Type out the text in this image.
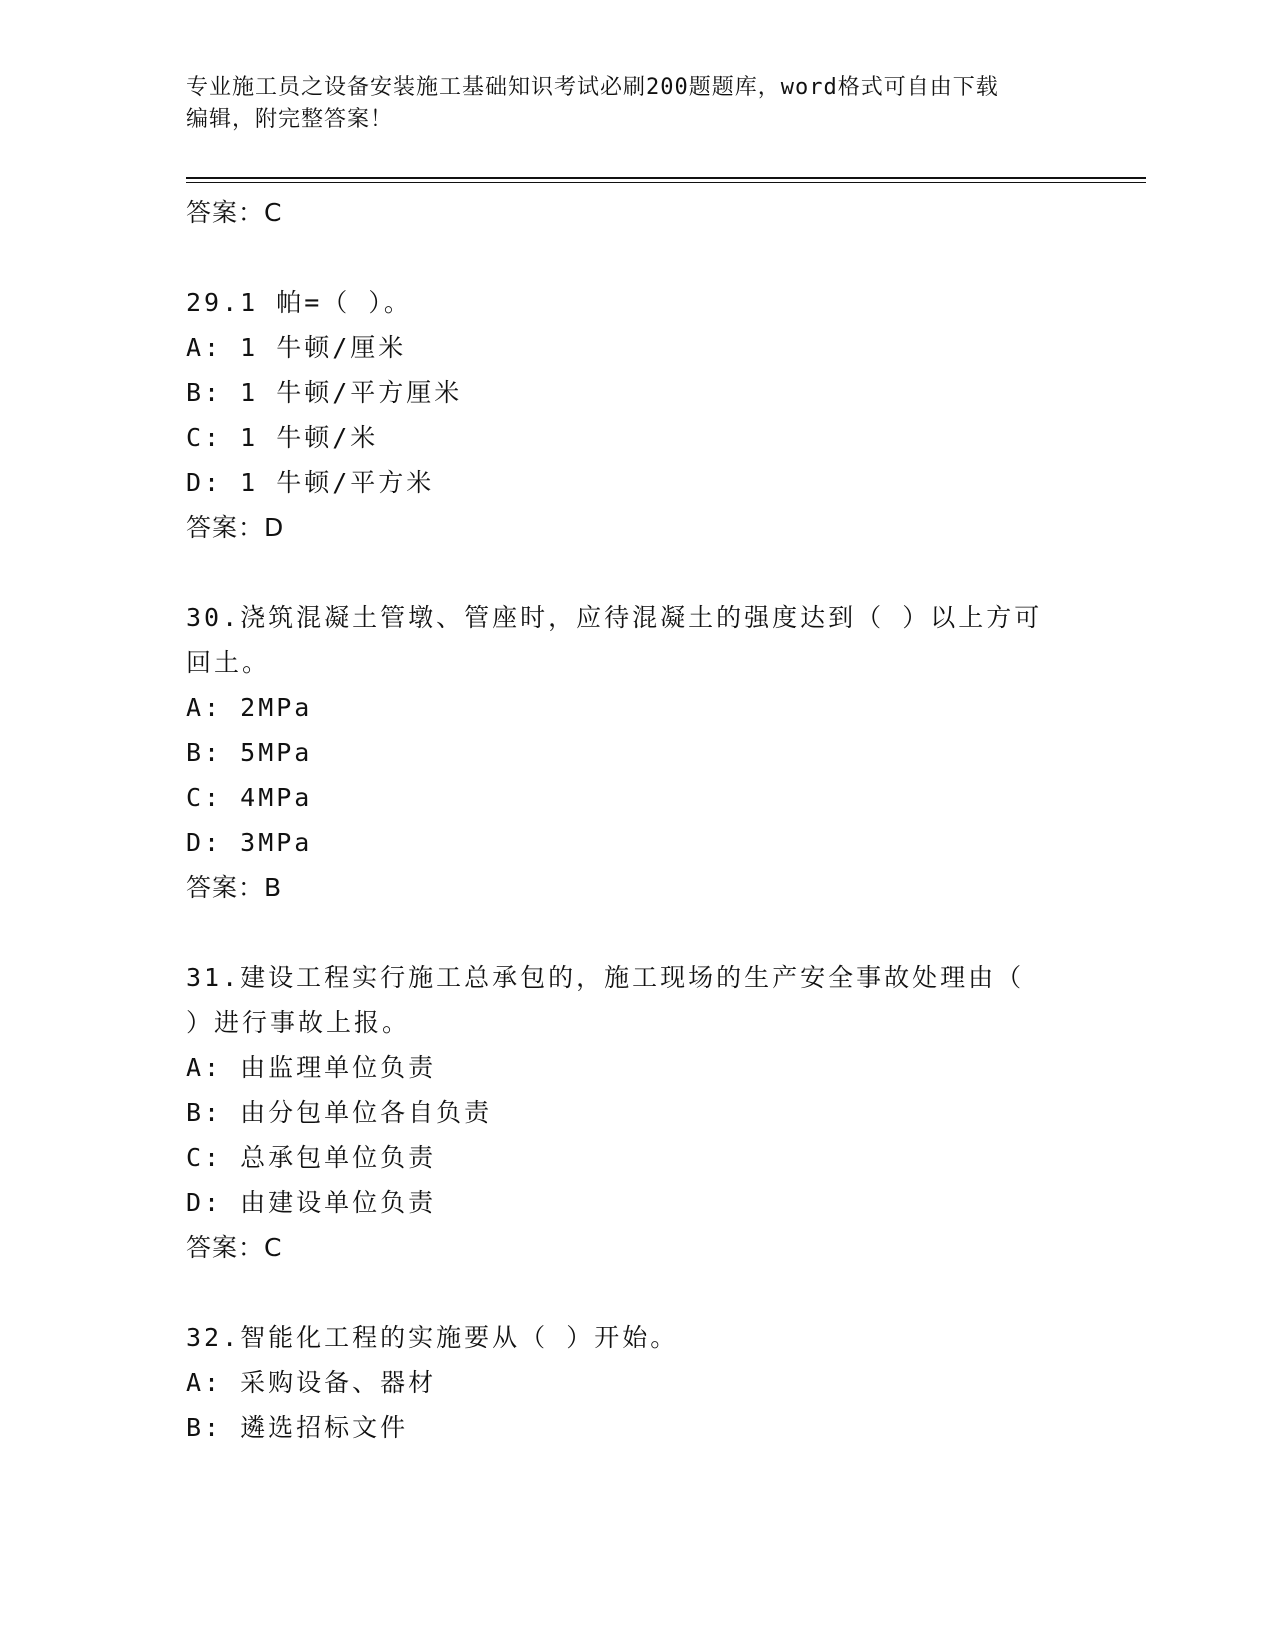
专业施工员之设备安装施工基础知识考试必刷200题题库，word格式可自由下载
编辑，附完整答案！
答案：C
29.1 帕=（ ）。
A: 1 牛顿/厘米
B: 1 牛顿/平方厘米
C: 1 牛顿/米
D: 1 牛顿/平方米
答案：D
30.浇筑混凝土管墩、管座时，应待混凝土的强度达到（ ）以上方可
回土。
A: 2MPa
B: 5MPa
C: 4MPa
D: 3MPa
答案：B
31.建设工程实行施工总承包的，施工现场的生产安全事故处理由（
）进行事故上报。
A: 由监理单位负责
B: 由分包单位各自负责
C: 总承包单位负责
D: 由建设单位负责
答案：C
32.智能化工程的实施要从（ ）开始。
A: 采购设备、器材
B: 遴选招标文件
